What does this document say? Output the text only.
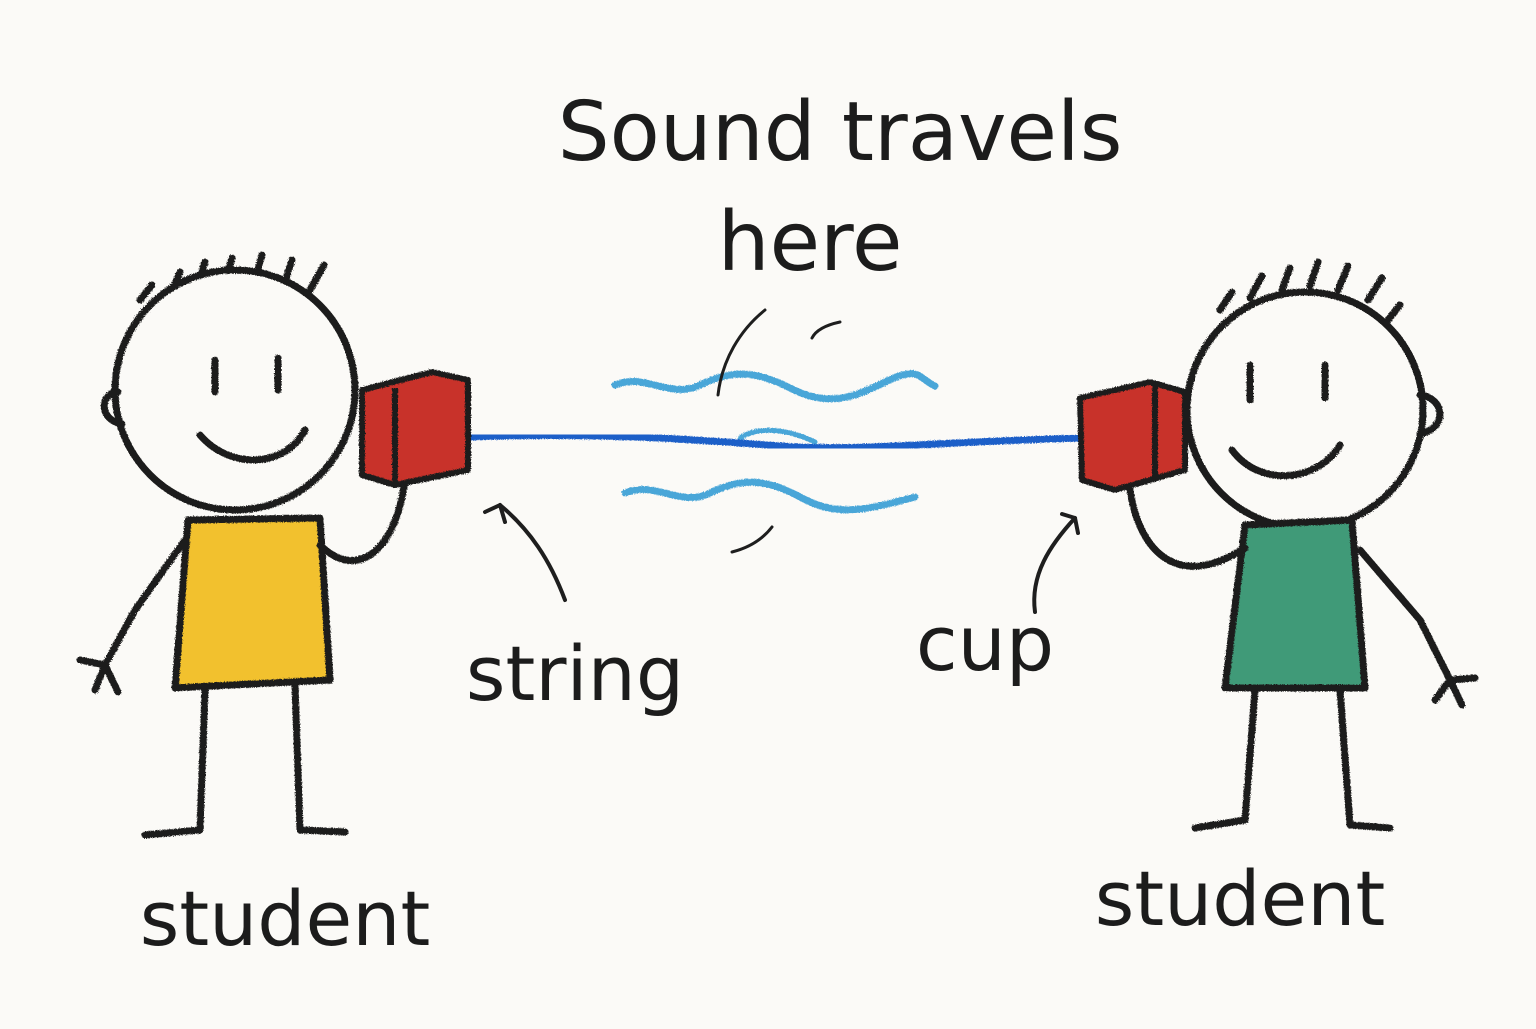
Sound travels
here
string	cup
student	student
